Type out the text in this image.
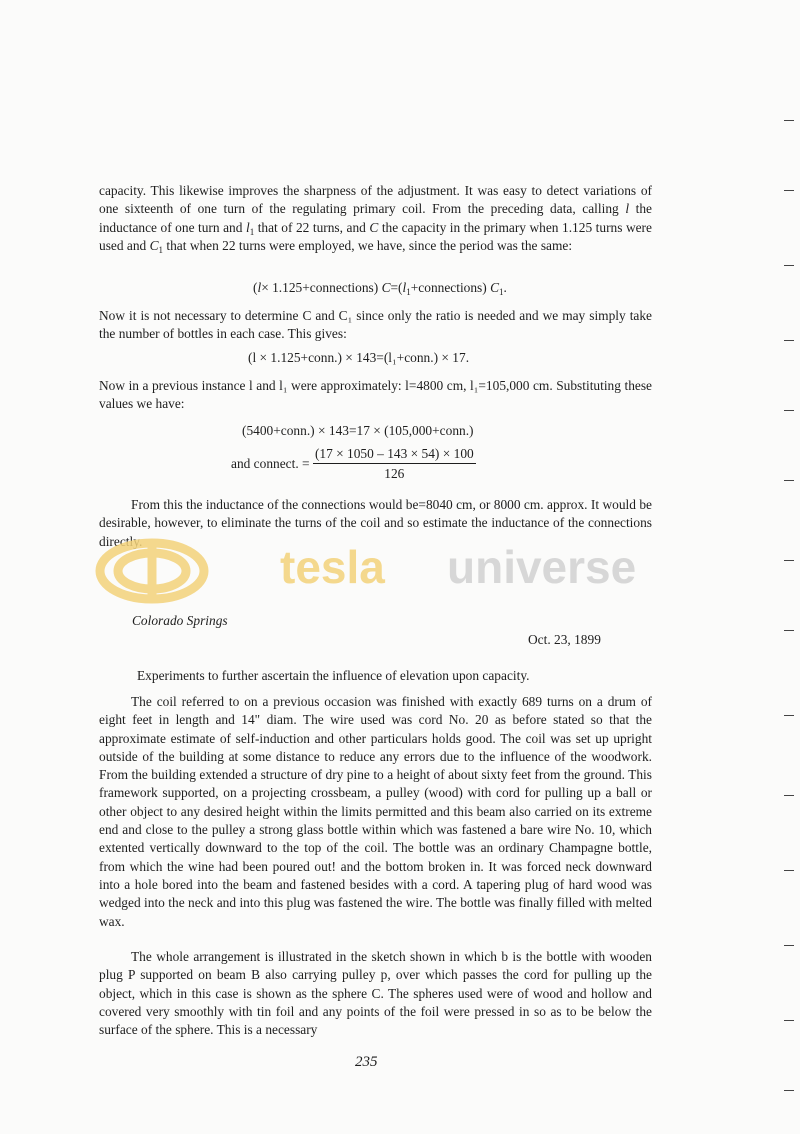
capacity. This likewise improves the sharpness of the adjustment. It was easy to detect variations of one sixteenth of one turn of the regulating primary coil. From the preceding data, calling l the inductance of one turn and $l_1$ that of 22 turns, and C the capacity in the primary when 1.125 turns were used and $C_1$ that when 22 turns were employed, we have, since the period was the same:

(l× 1.125+connections) $C=(l_1+connections)$ $C_1$.

Now it is not necessary to determine C and C₁ since only the ratio is needed and we may simply take the number of bottles in each case. This gives:

(l × 1.125+conn.) × 143=(l₁+conn.) × 17.

Now in a previous instance l and l₁ were approximately: l=4800 cm, l₁=105,000 cm. Substituting these values we have:

(5400+conn.) × 143=17 × (105,000+conn.)
and connect. = $\frac{(17 \times 1050 - 143 \times 54) \times 100}{126}$

From this the inductance of the connections would be=8040 cm, or 8000 cm. approx. It would be desirable, however, to eliminate the turns of the coil and so estimate the inductance of the connections directly.	tesla universe
Colorado Springs
Oct. 23, 1899
Experiments to further ascertain the influence of elevation upon capacity.

The coil referred to on a previous occasion was finished with exactly 689 turns on a drum of eight feet in length and 14" diam. The wire used was cord No. 20 as before stated so that the approximate estimate of self-induction and other particulars holds good. The coil was set up upright outside of the building at some distance to reduce any errors due to the influence of the woodwork. From the building extended a structure of dry pine to a height of about sixty feet from the ground. This framework supported, on a projecting crossbeam, a pulley (wood) with cord for pulling up a ball or other object to any desired height within the limits permitted and this beam also carried on its extreme end and close to the pulley a strong glass bottle within which was fastened a bare wire No. 10, which extented vertically downward to the top of the coil. The bottle was an ordinary Champagne bottle, from which the wine had been poured out! and the bottom broken in. It was forced neck downward into a hole bored into the beam and fastened besides with a cord. A tapering plug of hard wood was wedged into the neck and into this plug was fastened the wire. The bottle was finally filled with melted wax.

The whole arrangement is illustrated in the sketch shown in which b is the bottle with wooden plug P supported on beam B also carrying pulley p, over which passes the cord for pulling up the object, which in this case is shown as the sphere C. The spheres used were of wood and hollow and covered very smoothly with tin foil and any points of the foil were pressed in so as to be below the surface of the sphere. This is a necessary

235
